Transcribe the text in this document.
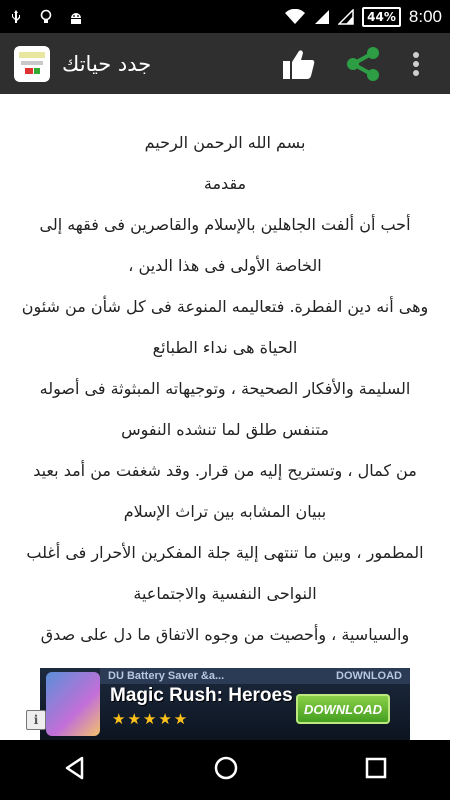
44% 8:00
جدد حياتك

بسم الله الرحمن الرحيم

مقدمة

أحب أن ألفت الجاهلين بالإسلام والقاصرين فى فقهه إلى

الخاصة الأولى فى هذا الدين ،

وهى أنه دين الفطرة. فتعاليمه المنوعة فى كل شأن من شئون

الحياة هى نداء الطبائع

السليمة والأفكار الصحيحة ، وتوجيهاته المبثوثة فى أصوله

متنفس طلق لما تنشده النفوس

من كمال ، وتستريح إليه من قرار. وقد شغفت من أمد بعيد

ببيان المشابه بين تراث الإسلام

المطمور ، وبين ما تنتهى إلية جلة المفكرين الأحرار فى أغلب

النواحى النفسية والاجتماعية

والسياسية ، وأحصيت من وجوه الاتفاق ما دل على صدق

DU Battery Saver &a...	DOWNLOAD
Magic Rush: Heroes
★★★★★
DOWNLOAD
i
